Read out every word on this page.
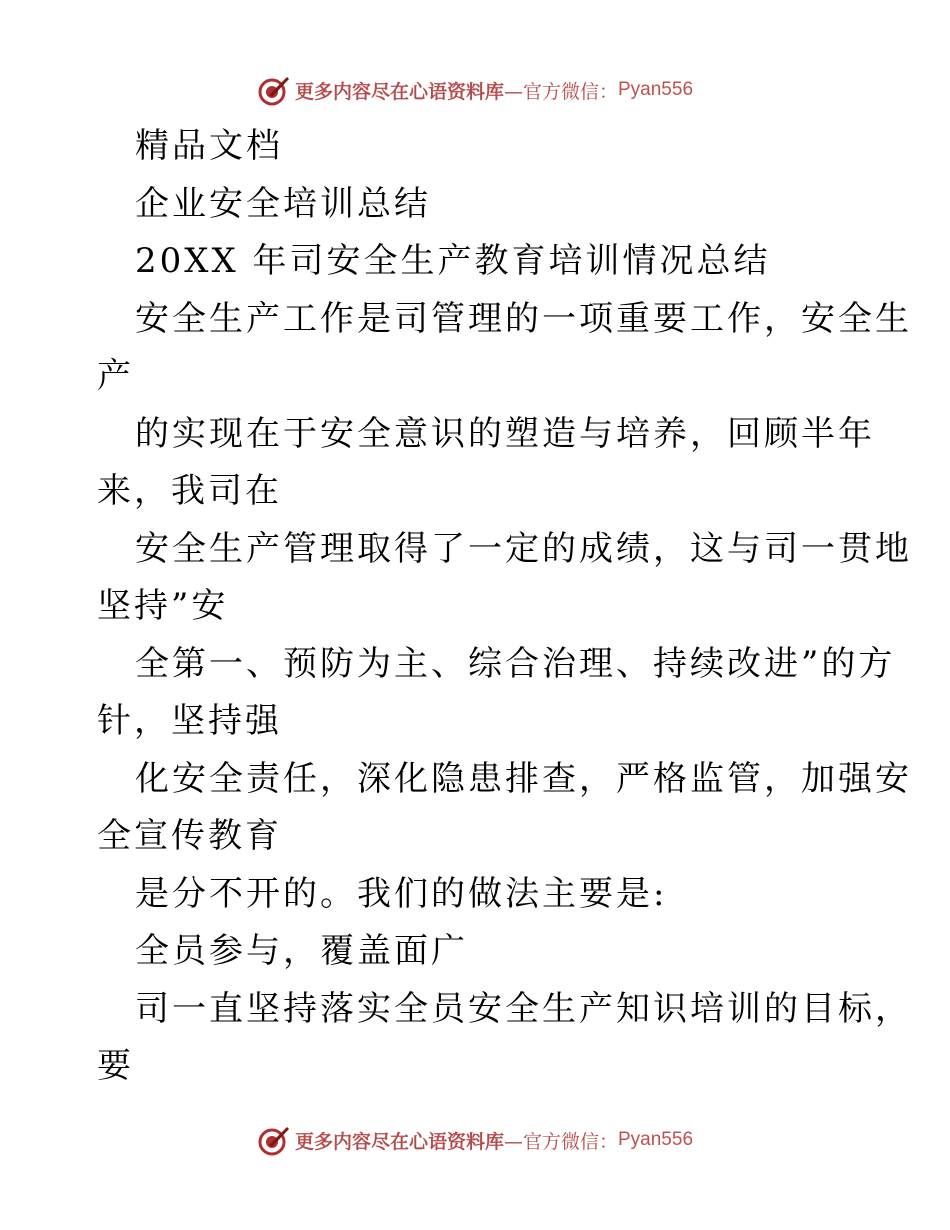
更多内容尽在心语资料库 —官方微信： Pyan556
精品文档
企业安全培训总结
20XX 年司安全生产教育培训情况总结
安全生产工作是司管理的一项重要工作，安全生
产
的实现在于安全意识的塑造与培养，回顾半年
来，我司在
安全生产管理取得了一定的成绩，这与司一贯地
坚持”安
全第一、预防为主、综合治理、持续改进”的方
针，坚持强
化安全责任，深化隐患排查，严格监管，加强安
全宣传教育
是分不开的。我们的做法主要是:
全员参与，覆盖面广
司一直坚持落实全员安全生产知识培训的目标，
要
更多内容尽在心语资料库 —官方微信： Pyan556
